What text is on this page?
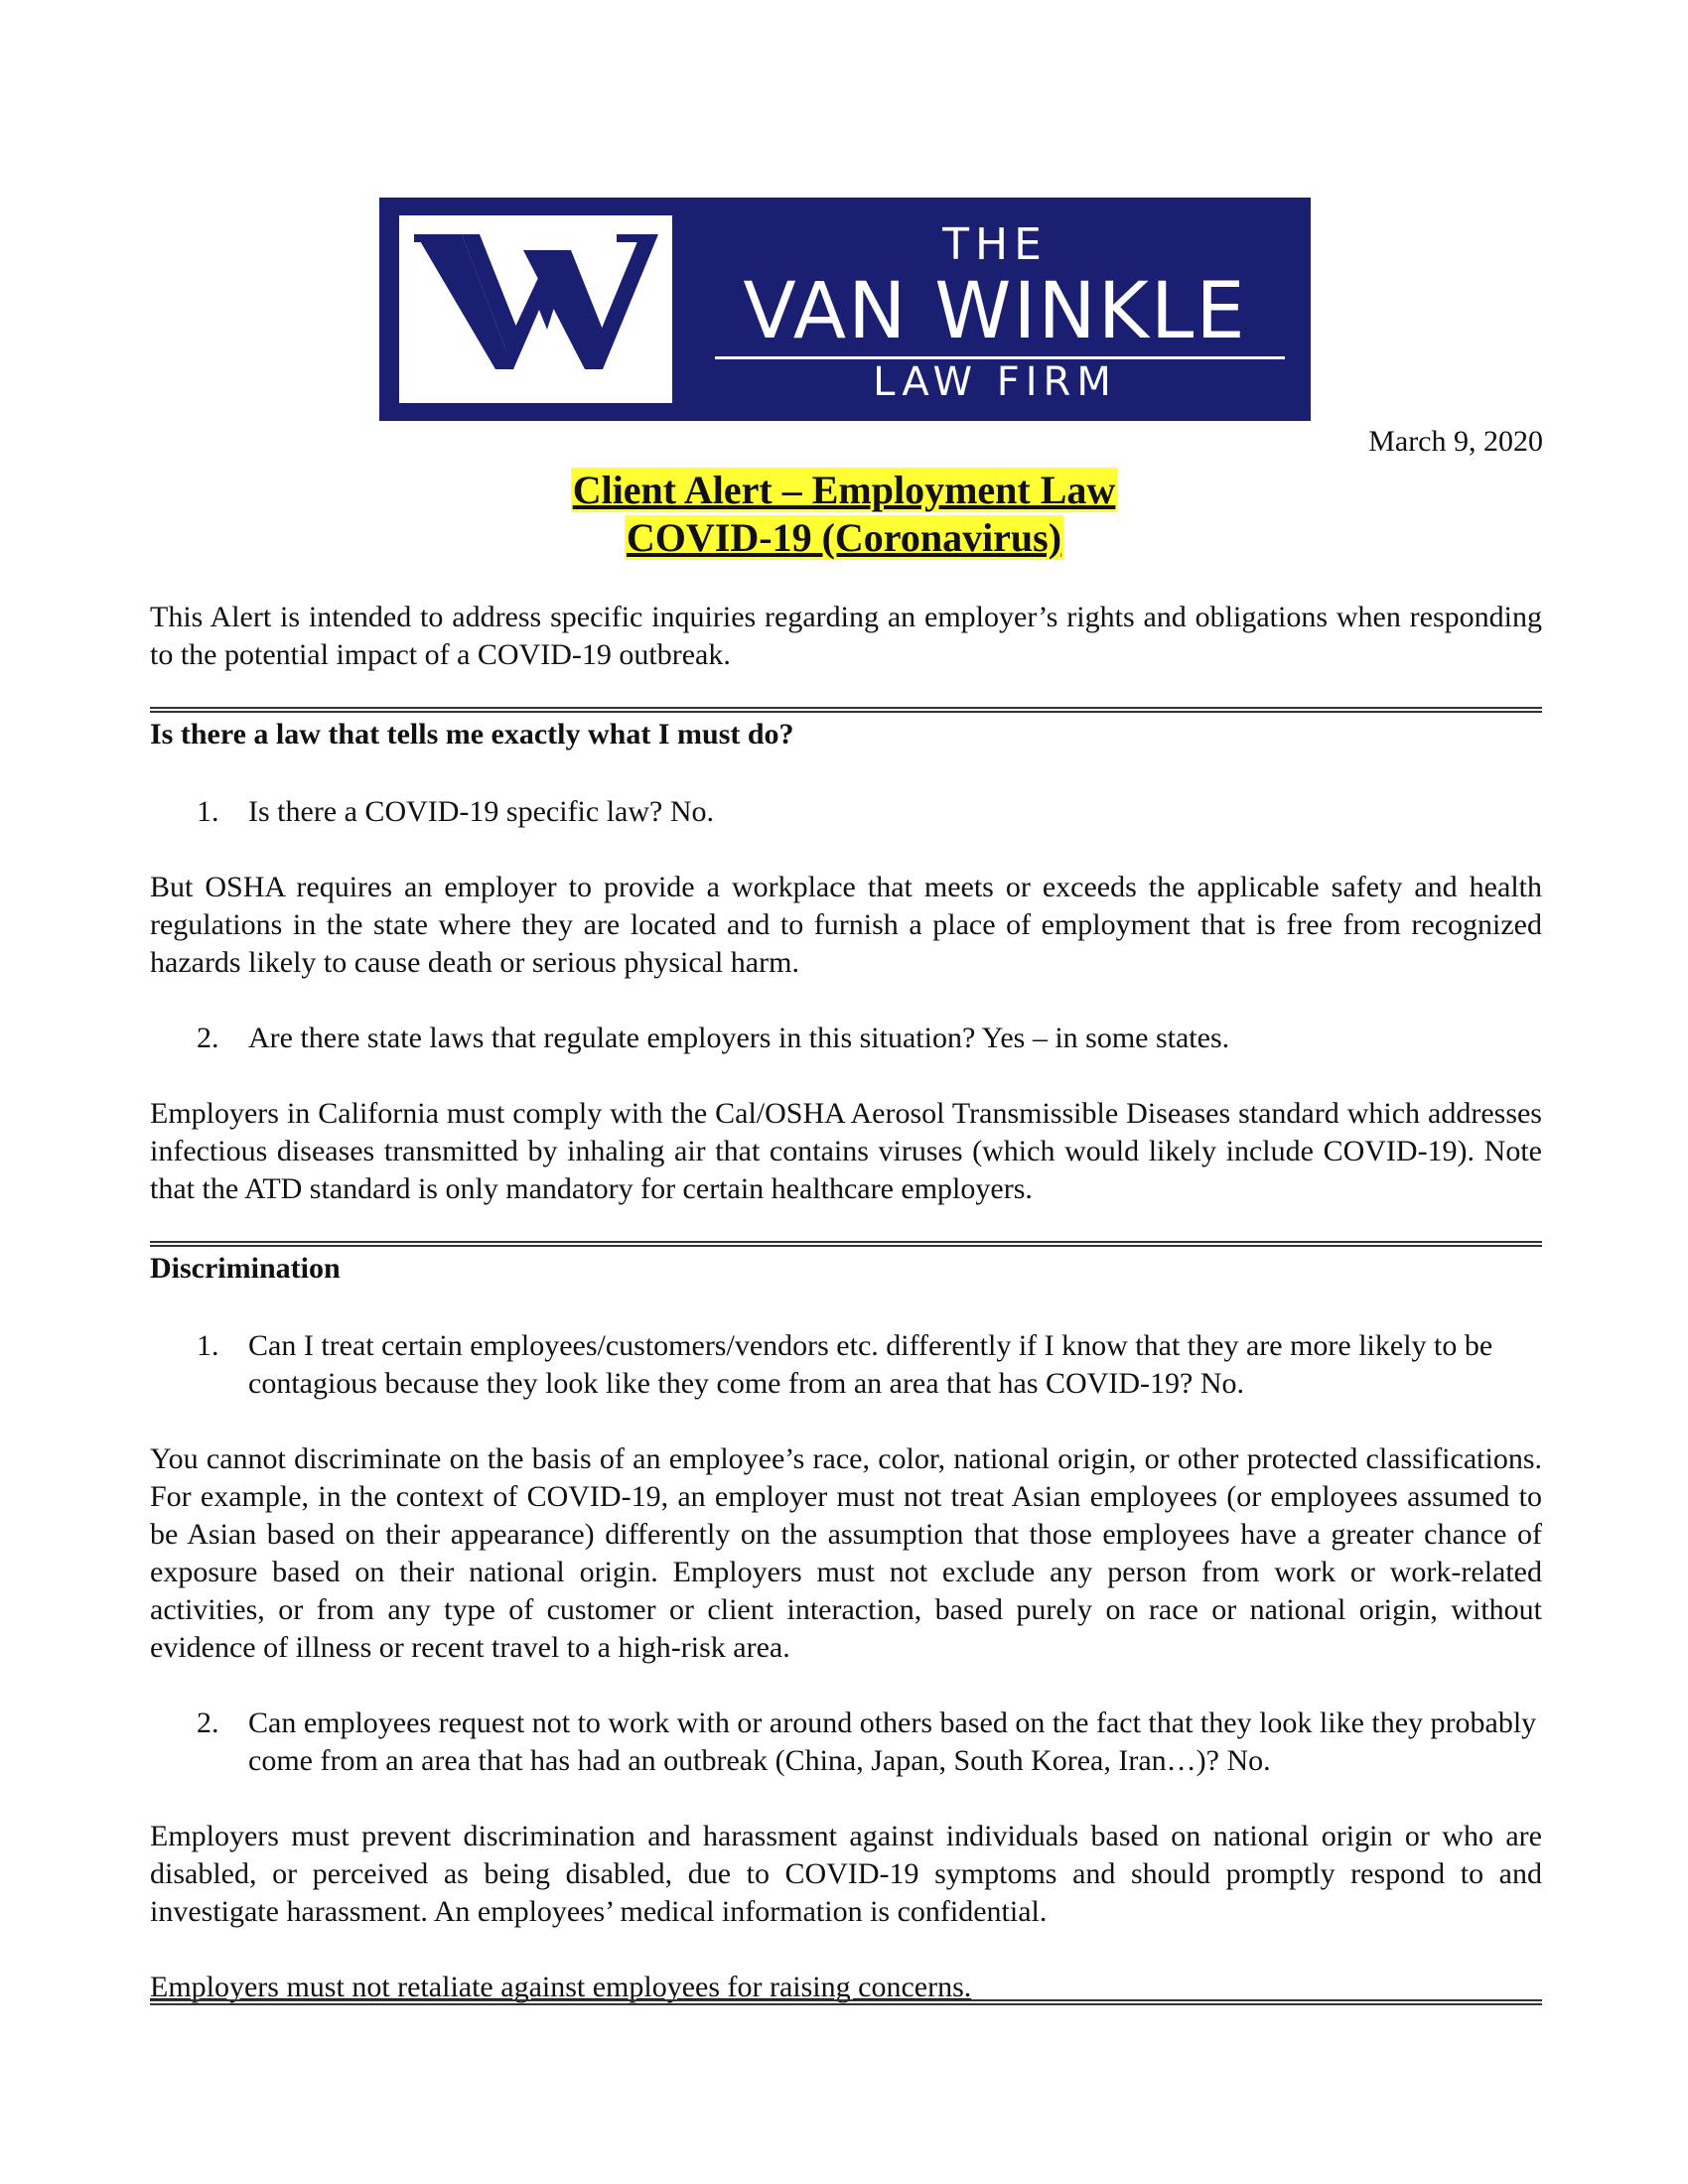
THE
VAN WINKLE
LAW FIRM
March 9, 2020
Client Alert – Employment Law
COVID-19 (Coronavirus)

This Alert is intended to address specific inquiries regarding an employer’s rights and obligations when responding to the potential impact of a COVID-19 outbreak.

Is there a law that tells me exactly what I must do?

1. Is there a COVID-19 specific law? No.

But OSHA requires an employer to provide a workplace that meets or exceeds the applicable safety and health regulations in the state where they are located and to furnish a place of employment that is free from recognized hazards likely to cause death or serious physical harm.

2. Are there state laws that regulate employers in this situation? Yes – in some states.

Employers in California must comply with the Cal/OSHA Aerosol Transmissible Diseases standard which addresses infectious diseases transmitted by inhaling air that contains viruses (which would likely include COVID-19). Note that the ATD standard is only mandatory for certain healthcare employers.

Discrimination

1. Can I treat certain employees/customers/vendors etc. differently if I know that they are more likely to be contagious because they look like they come from an area that has COVID-19? No.

You cannot discriminate on the basis of an employee’s race, color, national origin, or other protected classifications. For example, in the context of COVID-19, an employer must not treat Asian employees (or employees assumed to be Asian based on their appearance) differently on the assumption that those employees have a greater chance of exposure based on their national origin. Employers must not exclude any person from work or work-related activities, or from any type of customer or client interaction, based purely on race or national origin, without evidence of illness or recent travel to a high-risk area.

2. Can employees request not to work with or around others based on the fact that they look like they probably come from an area that has had an outbreak (China, Japan, South Korea, Iran…)? No.

Employers must prevent discrimination and harassment against individuals based on national origin or who are disabled, or perceived as being disabled, due to COVID-19 symptoms and should promptly respond to and investigate harassment. An employees’ medical information is confidential.

Employers must not retaliate against employees for raising concerns.
